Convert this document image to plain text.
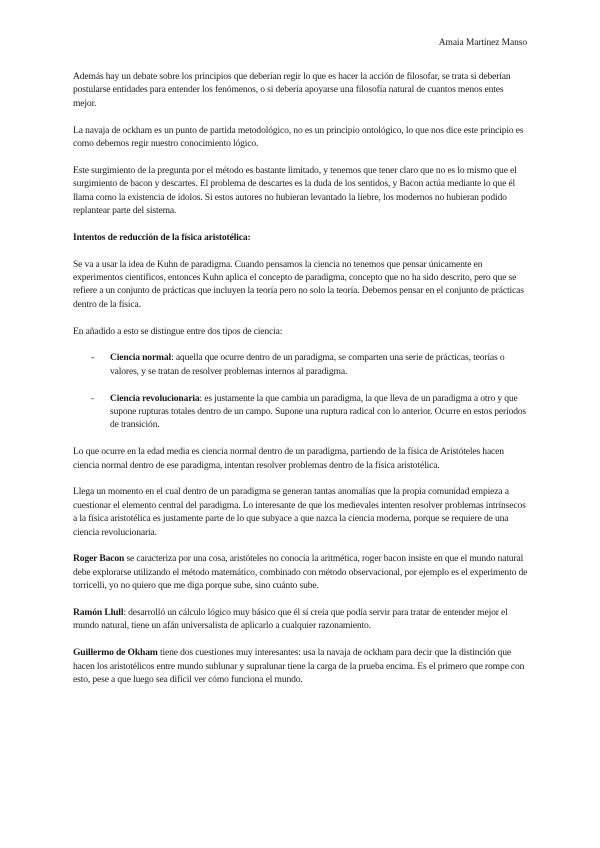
Amaia Martínez Manso

Además hay un debate sobre los principios que deberían regir lo que es hacer la acción de filosofar, se trata si deberían postularse entidades para entender los fenómenos, o si debería apoyarse una filosofía natural de cuantos menos entes mejor.

La navaja de ockham es un punto de partida metodológico, no es un principio ontológico, lo que nos dice este principio es como debemos regir nuestro conocimiento lógico.

Este surgimiento de la pregunta por el método es bastante limitado, y tenemos que tener claro que no es lo mismo que el surgimiento de bacon y descartes. El problema de descartes es la duda de los sentidos, y Bacon actúa mediante lo que él llama como la existencia de ídolos. Si estos autores no hubieran levantado la liebre, los modernos no hubieran podido replantear parte del sistema.

Intentos de reducción de la física aristotélica:

Se va a usar la idea de Kuhn de paradigma. Cuando pensamos la ciencia no tenemos que pensar únicamente en experimentos científicos, entonces Kuhn aplica el concepto de paradigma, concepto que no ha sido descrito, pero que se refiere a un conjunto de prácticas que incluyen la teoría pero no solo la teoría. Debemos pensar en el conjunto de prácticas dentro de la física.

En añadido a esto se distingue entre dos tipos de ciencia:

- Ciencia normal: aquella que ocurre dentro de un paradigma, se comparten una serie de prácticas, teorías o valores, y se tratan de resolver problemas internos al paradigma.
- Ciencia revolucionaria: es justamente la que cambia un paradigma, la que lleva de un paradigma a otro y que supone rupturas totales dentro de un campo. Supone una ruptura radical con lo anterior. Ocurre en estos periodos de transición.

Lo que ocurre en la edad media es ciencia normal dentro de un paradigma, partiendo de la física de Aristóteles hacen ciencia normal dentro de ese paradigma, intentan resolver problemas dentro de la física aristotélica.

Llega un momento en el cual dentro de un paradigma se generan tantas anomalías que la propia comunidad empieza a cuestionar el elemento central del paradigma. Lo interesante de que los medievales intenten resolver problemas intrínsecos a la física aristotélica es justamente parte de lo que subyace a que nazca la ciencia moderna, porque se requiere de una ciencia revolucionaria.

Roger Bacon se caracteriza por una cosa, aristóteles no conocía la aritmética, roger bacon insiste en que el mundo natural debe explorarse utilizando el método matemático, combinado con método observacional, por ejemplo es el experimento de torricelli, yo no quiero que me diga porque sube, sino cuánto sube.

Ramón Llull: desarrolló un cálculo lógico muy básico que él sí creía que podía servir para tratar de entender mejor el mundo natural, tiene un afán universalista de aplicarlo a cualquier razonamiento.

Guillermo de Okham tiene dos cuestiones muy interesantes: usa la navaja de ockham para decir que la distinción que hacen los aristotélicos entre mundo sublunar y supralunar tiene la carga de la prueba encima. Es el primero que rompe con esto, pese a que luego sea difícil ver cómo funciona el mundo.
